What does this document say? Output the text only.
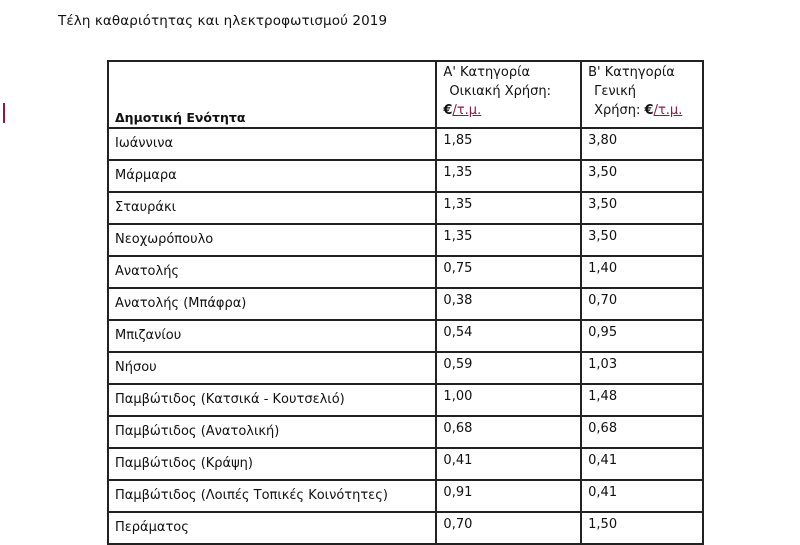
Τέλη καθαριότητας και ηλεκτροφωτισμού 2019
Δημοτική Ενότητα	Α' Κατηγορία
Οικιακή Χρήση:
€/τ.μ.	Β' Κατηγορία
Γενική
Χρήση: €/τ.μ.

Ιωάννινα	1,85	3,80
Μάρμαρα	1,35	3,50
Σταυράκι	1,35	3,50
Νεοχωρόπουλο	1,35	3,50
Ανατολής	0,75	1,40
Ανατολής (Μπάφρα)	0,38	0,70
Μπιζανίου	0,54	0,95
Νήσου	0,59	1,03
Παμβώτιδος (Κατσικά - Κουτσελιό)	1,00	1,48
Παμβώτιδος (Ανατολική)	0,68	0,68
Παμβώτιδος (Κράψη)	0,41	0,41
Παμβώτιδος (Λοιπές Τοπικές Κοινότητες)	0,91	0,41
Περάματος	0,70	1,50
